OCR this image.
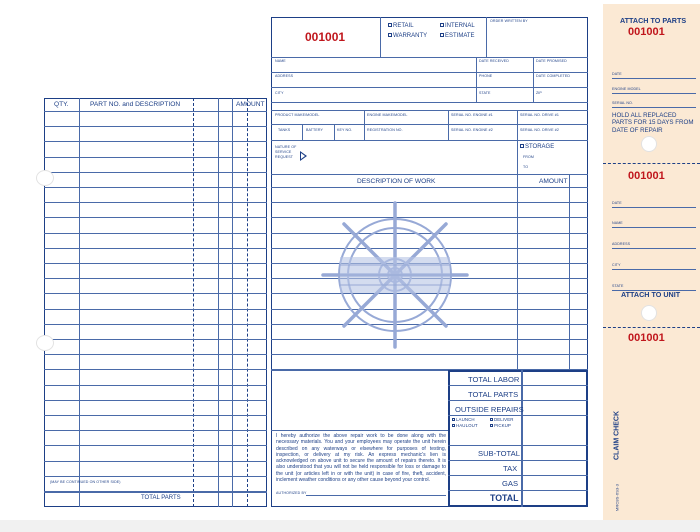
QTY.	PART NO. and DESCRIPTION	AMOUNT
(MAY BE CONTINUED ON OTHER SIDE)
TOTAL PARTS
001001
RETAIL	INTERNAL
WARRANTY	ESTIMATE
ORDER WRITTEN BY
NAME	DATE RECEIVED	DATE PROMISED
ADDRESS	PHONE	DATE COMPLETED
CITY	STATE	ZIP
PRODUCT MAKE/MODEL	ENGINE MAKE/MODEL	SERIAL NO. ENGINE #1	SERIAL NO. DRIVE #1
TANKS	BATTERY	KEY NO.	REGISTRATION NO.	SERIAL NO. ENGINE #2	SERIAL NO. DRIVE #2
NATURE OF SERVICE REQUEST
STORAGE
FROM
TO
DESCRIPTION OF WORK	AMOUNT
TOTAL LABOR
TOTAL PARTS
OUTSIDE REPAIRS
LAUNCH
HAULOUT
DELIVER
PICKUP
SUB-TOTAL
TAX
GAS
TOTAL
I hereby authorize the above repair work to be done along with the necessary materials. You and your employees may operate the unit herein described on any waterways or elsewhere for purposes of testing, inspection, or delivery at my risk. An express mechanic's lien is acknowledged on above unit to secure the amount of repairs thereto. It is also understood that you will not be held responsible for loss or damage to the unit (or articles left in or with the unit) in case of fire, theft, accident, inclement weather conditions or any other cause beyond your control.
AUTHORIZED BY
ATTACH TO PARTS
001001
DATE
ENGINE MODEL
SERIAL NO.
HOLD ALL REPLACED PARTS FOR 15 DAYS FROM DATE OF REPAIR
001001
DATE
NAME
ADDRESS
CITY
STATE
ATTACH TO UNIT
001001
CLAIM CHECK
MRC8S-6S3-3
